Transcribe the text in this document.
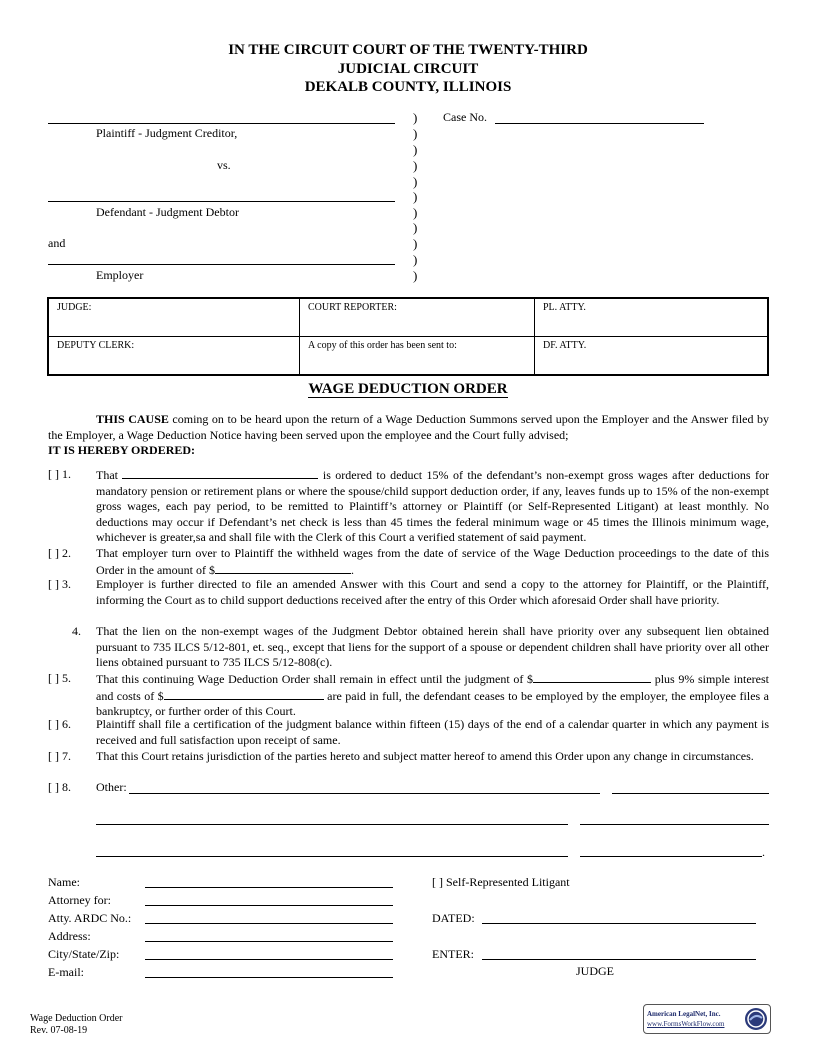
IN THE CIRCUIT COURT OF THE TWENTY-THIRD
JUDICIAL CIRCUIT
DEKALB COUNTY, ILLINOIS
Plaintiff - Judgment Creditor,
vs.
Defendant - Judgment Debtor
and
Employer
)
)
)
)
)
)
)
)
)
)
)
Case No.
JUDGE:	COURT REPORTER:	PL. ATTY.
DEPUTY CLERK:	A copy of this order has been sent to:	DF. ATTY.
WAGE DEDUCTION ORDER
THIS CAUSE coming on to be heard upon the return of a Wage Deduction Summons served upon the Employer and the Answer filed by the Employer, a Wage Deduction Notice having been served upon the employee and the Court fully advised;
IT IS HEREBY ORDERED:
[ ] 1. That	is ordered to deduct 15% of the defendant’s non-exempt gross wages after deductions for mandatory pension or retirement plans or where the spouse/child support deduction order, if any, leaves funds up to 15% of the non-exempt gross wages, each pay period, to be remitted to Plaintiff’s attorney or Plaintiff (or Self-Represented Litigant) at least monthly. No deductions may occur if Defendant’s net check is less than 45 times the federal minimum wage or 45 times the Illinois minimum wage, whichever is greater,sa and shall file with the Clerk of this Court a verified statement of said payment.
[ ] 2. That employer turn over to Plaintiff the withheld wages from the date of service of the Wage Deduction proceedings to the date of this Order in the amount of $	.
[ ] 3. Employer is further directed to file an amended Answer with this Court and send a copy to the attorney for Plaintiff, or the Plaintiff, informing the Court as to child support deductions received after the entry of this Order which aforesaid Order shall have priority.
4. That the lien on the non-exempt wages of the Judgment Debtor obtained herein shall have priority over any subsequent lien obtained pursuant to 735 ILCS 5/12-801, et. seq., except that liens for the support of a spouse or dependent children shall have priority over all other liens obtained pursuant to 735 ILCS 5/12-808(c).
[ ] 5. That this continuing Wage Deduction Order shall remain in effect until the judgment of $	plus 9% simple interest and costs of $	are paid in full, the defendant ceases to be employed by the employer, the employee files a bankruptcy, or further order of this Court.
[ ] 6. Plaintiff shall file a certification of the judgment balance within fifteen (15) days of the end of a calendar quarter in which any payment is received and full satisfaction upon receipt of same.
[ ] 7. That this Court retains jurisdiction of the parties hereto and subject matter hereof to amend this Order upon any change in circumstances.
[ ] 8. Other:
.
Name:
Attorney for:
Atty. ARDC No.:
Address:
City/State/Zip:
E-mail:
[ ] Self-Represented Litigant
DATED:
ENTER:
JUDGE
Wage Deduction Order
Rev. 07-08-19
American LegalNet, Inc.
www.FormsWorkFlow.com
